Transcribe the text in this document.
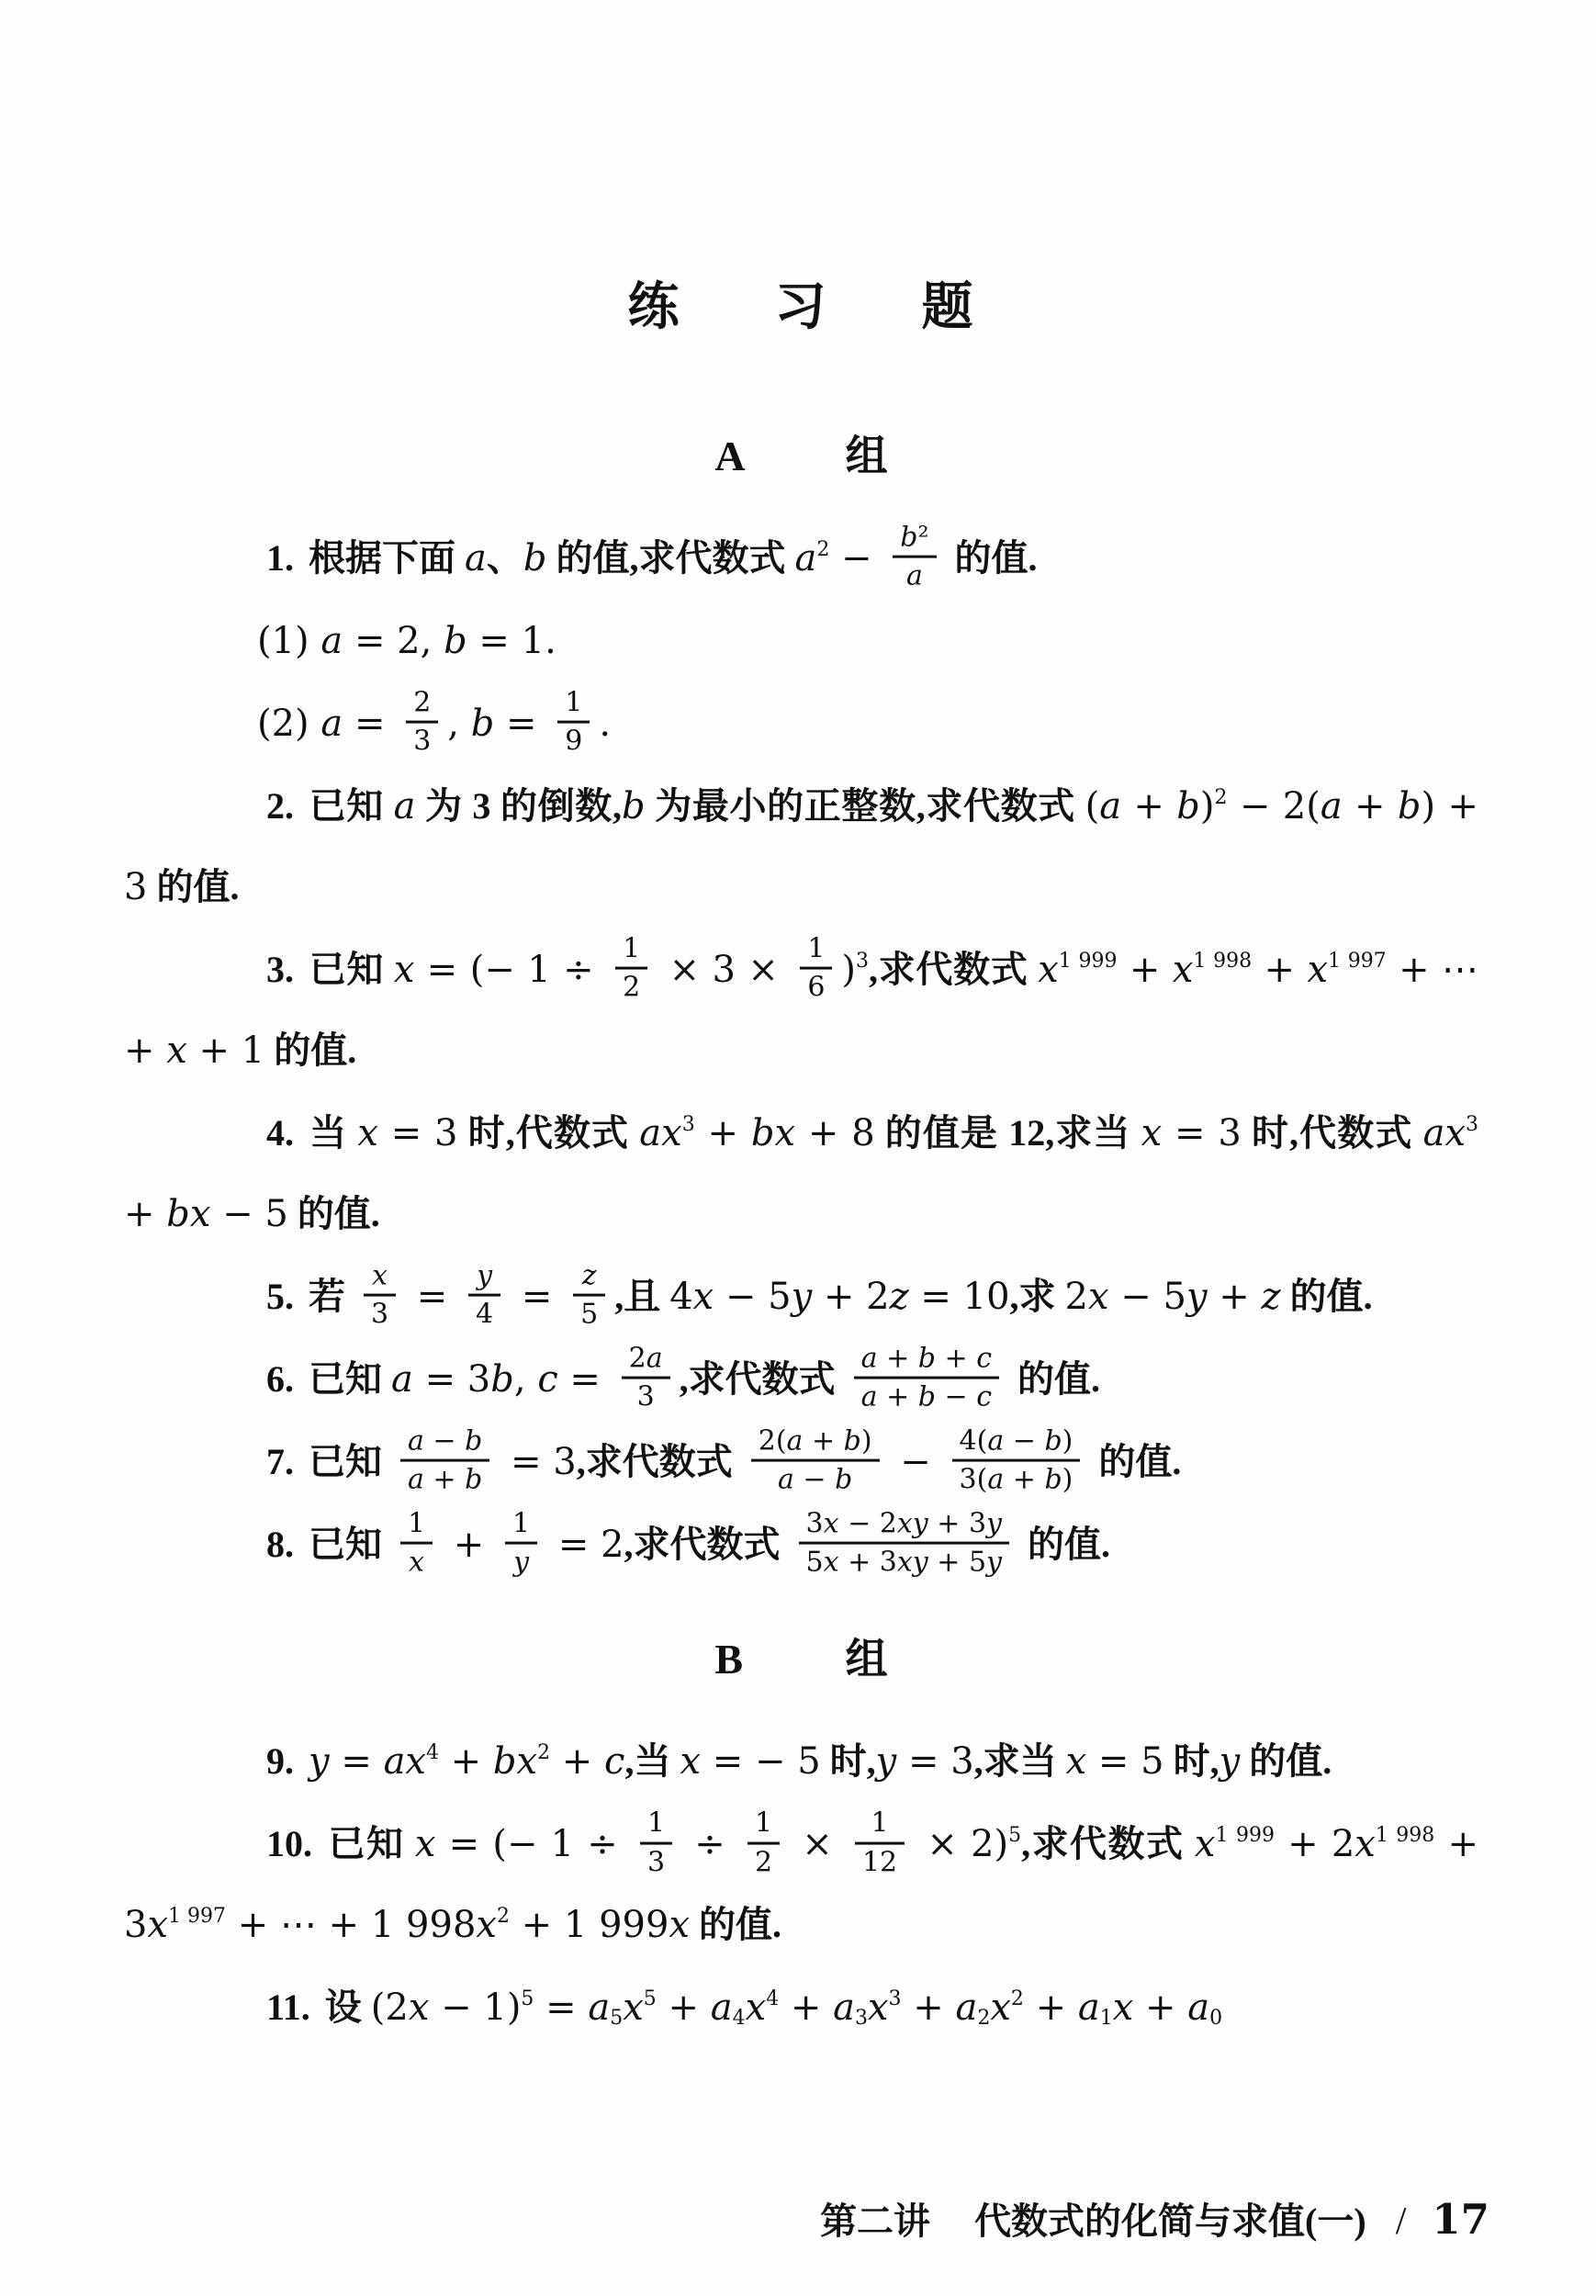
练 习 题
A 组

1. 根据下面 a、b 的值,求代数式 $a^2 - \frac{\text{b²}}{a}$ 的值.

(1) a = 2, b = 1.

(2) $a = \frac{2}{3}$ , $b = \frac{1}{9}$ .

2. 已知 a 为 3 的倒数,b 为最小的正整数,求代数式 $(a + b)^2 - 2(a + b) + 3$ 的值.

3. 已知 x = (− $1 \div \frac{1}{2} \times 3 \times \frac{1}{6} )^3$,求代数式 $x^{1 999} + x^{1 998} + x^{1 997}$ + ⋯ + x + 1 的值.

4. 当 x = 3 时,代数式 $ax^3$ + bx + 8 的值是 12,求当 x = 3 时,代数式 $ax^3$ + bx − 5 的值.

5. 若 $\frac{x}{3} = \frac{y}{4} = \frac{z}{5}$ ,且 4x − 5y + 2z = 10,求 2x − 5y + z 的值.

6. 已知 a = 3b, $c = \frac{2a}{3}$ ,求代数式 $\frac{a + b + c}{a + b - c}$ 的值.

7. 已知 $\frac{a - b}{a + b} = 3$,求代数式 $\frac{2(a + b)}{a - b} - \frac{4(a - b)}{3(a + b)}$ 的值.

8. 已知 $\frac{1}{x} + \frac{1}{y} = 2$,求代数式 $\frac{3x - 2xy + 3y}{5x + 3xy + 5y}$ 的值.

B 组

9. $y = ax^4 + bx^2 + c$,当 x = − 5 时,y = 3,求当 x = 5 时,y 的值.

10. 已知 x = (− $1 \div \frac{1}{3} \div \frac{1}{2} \times \frac{1}{12} \times 2)^5$,求代数式 $x^{1 999} + 2x^{1 998} + 3x^{1 997}$ + ⋯ + 1 $998x^2 + 1$ 999x 的值.

11. 设 $(2x - 1)^5 = a5x^5 + a4x^4 + a3x^3 + a2x^2 + a1x + a0$

第二讲 代数式的化简与求值(一) / 17
